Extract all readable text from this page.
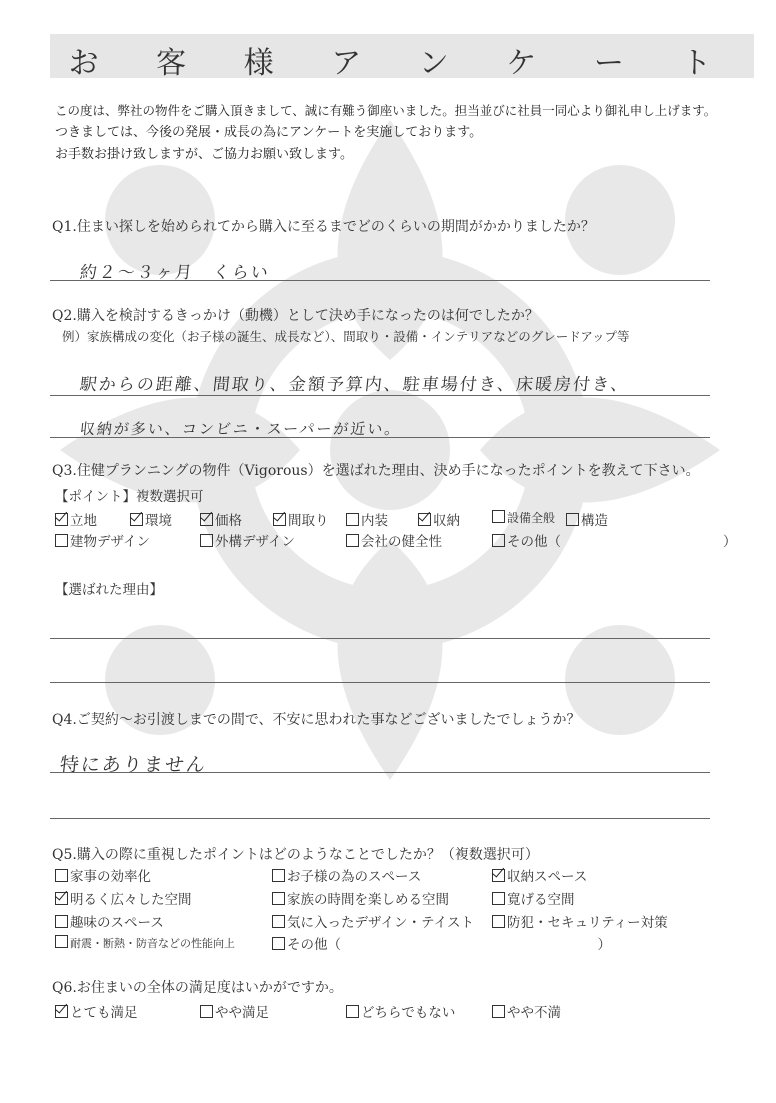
お 客 様 ア ン ケ ー ト
この度は、弊社の物件をご購入頂きまして、誠に有難う御座いました。担当並びに社員一同心より御礼申し上げます。
つきましては、今後の発展・成長の為にアンケートを実施しております。
お手数お掛け致しますが、ご協力お願い致します。
Q1.住まい探しを始められてから購入に至るまでどのくらいの期間がかかりましたか？
約２〜３ヶ月　くらい
Q2.購入を検討するきっかけ（動機）として決め手になったのは何でしたか？
例）家族構成の変化（お子様の誕生、成長など）、間取り・設備・インテリアなどのグレードアップ等
駅からの距離、間取り、金額予算内、駐車場付き、床暖房付き、
収納が多い、コンビニ・スーパーが近い。
Q3.住健プランニングの物件（Vigorous）を選ばれた理由、決め手になったポイントを教えて下さい。
【ポイント】複数選択可
立地	環境	価格	間取り	内装	収納	設備全般	構造
建物デザイン	外構デザイン	会社の健全性	その他（　　　　　　　　　　　　）
【選ばれた理由】
Q4.ご契約〜お引渡しまでの間で、不安に思われた事などございましたでしょうか？
特にありません
Q5.購入の際に重視したポイントはどのようなことでしたか？（複数選択可）
家事の効率化	お子様の為のスペース	収納スペース
明るく広々した空間	家族の時間を楽しめる空間	寛げる空間
趣味のスペース	気に入ったデザイン・テイスト	防犯・セキュリティー対策
耐震・断熱・防音などの性能向上	その他（　　　　　　　　　　　　　　　　　　　）
Q6.お住まいの全体の満足度はいかがですか。
とても満足	やや満足	どちらでもない	やや不満
